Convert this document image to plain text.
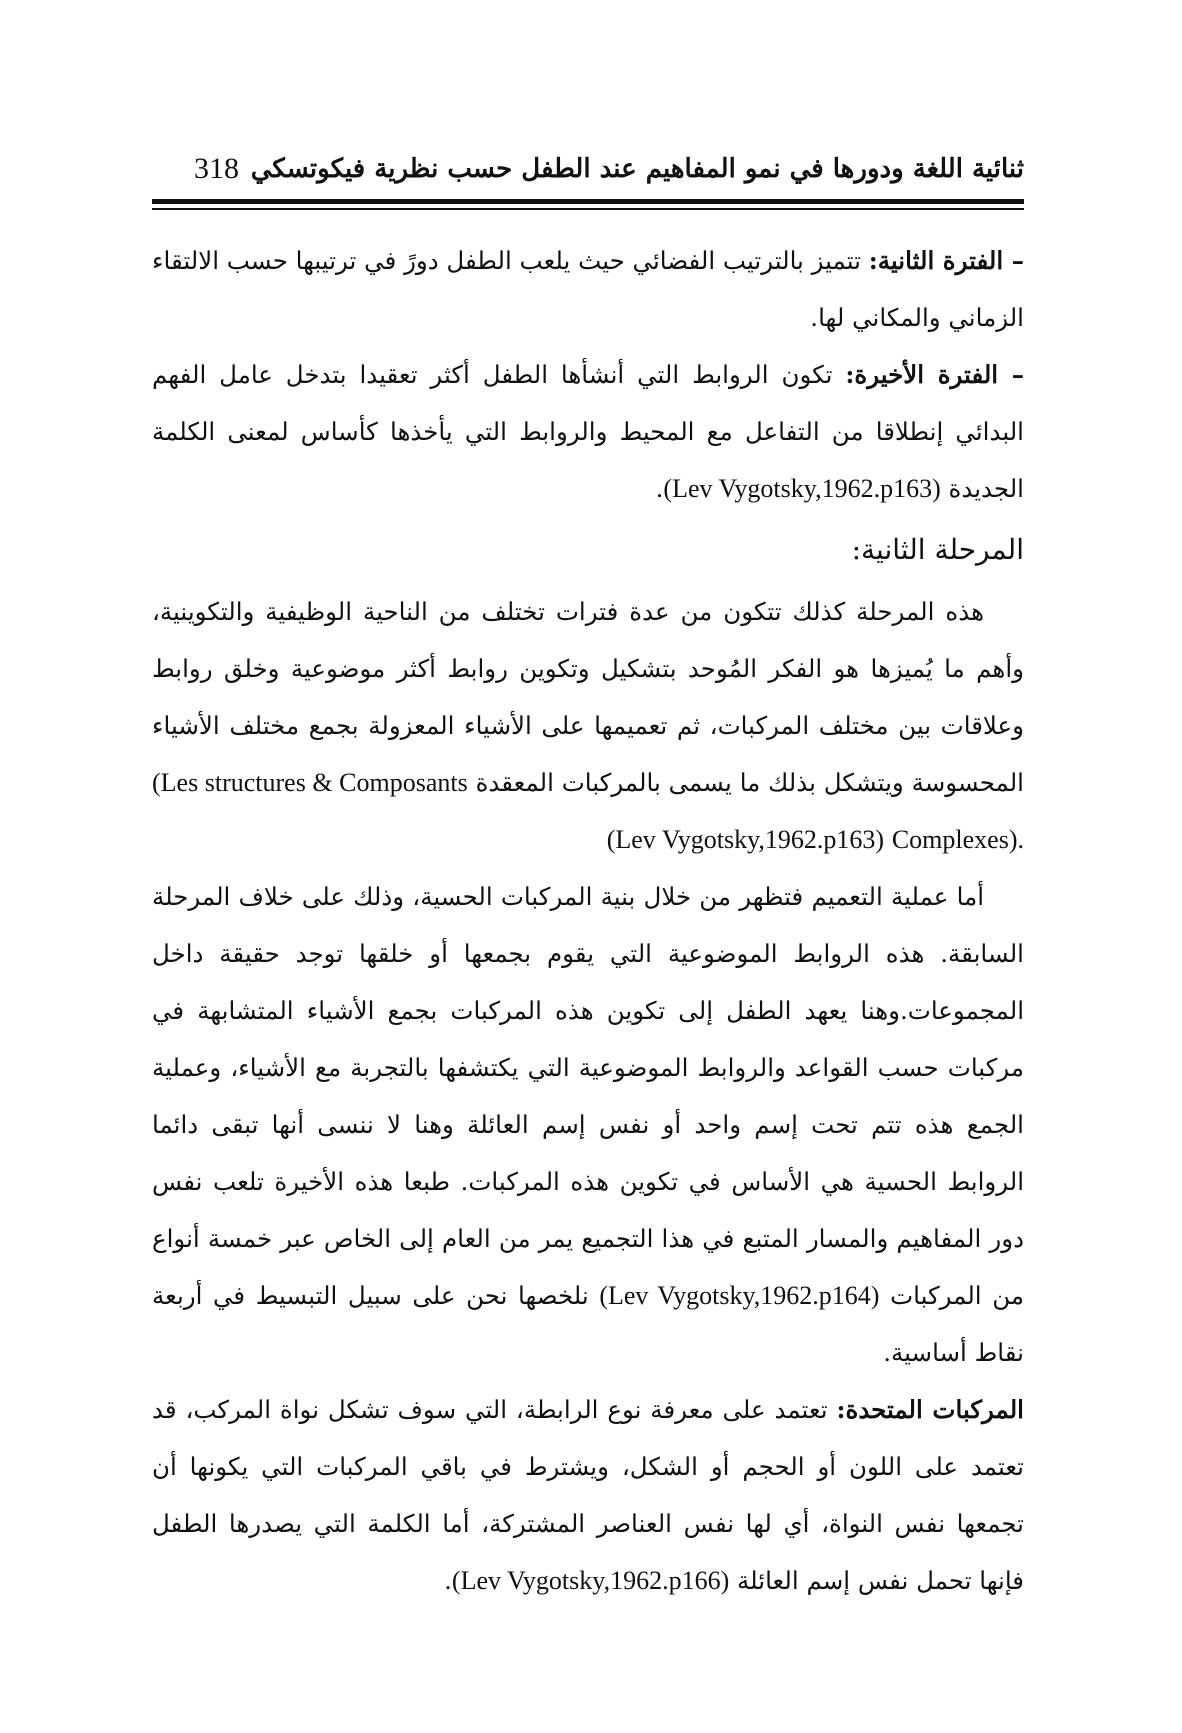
ثنائية اللغة ودورها في نمو المفاهيم عند الطفل حسب نظرية فيكوتسكي
318

– الفترة الثانية: تتميز بالترتيب الفضائي حيث يلعب الطفل دورً في ترتيبها حسب الالتقاء الزماني والمكاني لها.

– الفترة الأخيرة: تكون الروابط التي أنشأها الطفل أكثر تعقيدا بتدخل عامل الفهم البدائي إنطلاقا من التفاعل مع المحيط والروابط التي يأخذها كأساس لمعنى الكلمة الجديدة (Lev Vygotsky,1962.p163).

المرحلة الثانية:

هذه المرحلة كذلك تتكون من عدة فترات تختلف من الناحية الوظيفية والتكوينية، وأهم ما يُميزها هو الفكر المُوحد بتشكيل وتكوين روابط أكثر موضوعية وخلق روابط وعلاقات بين مختلف المركبات، ثم تعميمها على الأشياء المعزولة بجمع مختلف الأشياء المحسوسة ويتشكل بذلك ما يسمى بالمركبات المعقدة (Les structures & Composants Complexes). (Lev Vygotsky,1962.p163)

أما عملية التعميم فتظهر من خلال بنية المركبات الحسية، وذلك على خلاف المرحلة السابقة. هذه الروابط الموضوعية التي يقوم بجمعها أو خلقها توجد حقيقة داخل المجموعات.وهنا يعهد الطفل إلى تكوين هذه المركبات بجمع الأشياء المتشابهة في مركبات حسب القواعد والروابط الموضوعية التي يكتشفها بالتجربة مع الأشياء، وعملية الجمع هذه تتم تحت إسم واحد أو نفس إسم العائلة وهنا لا ننسى أنها تبقى دائما الروابط الحسية هي الأساس في تكوين هذه المركبات. طبعا هذه الأخيرة تلعب نفس دور المفاهيم والمسار المتبع في هذا التجميع يمر من العام إلى الخاص عبر خمسة أنواع من المركبات (Lev Vygotsky,1962.p164) نلخصها نحن على سبيل التبسيط في أربعة نقاط أساسية.

المركبات المتحدة: تعتمد على معرفة نوع الرابطة، التي سوف تشكل نواة المركب، قد تعتمد على اللون أو الحجم أو الشكل، ويشترط في باقي المركبات التي يكونها أن تجمعها نفس النواة، أي لها نفس العناصر المشتركة، أما الكلمة التي يصدرها الطفل فإنها تحمل نفس إسم العائلة (Lev Vygotsky,1962.p166).
